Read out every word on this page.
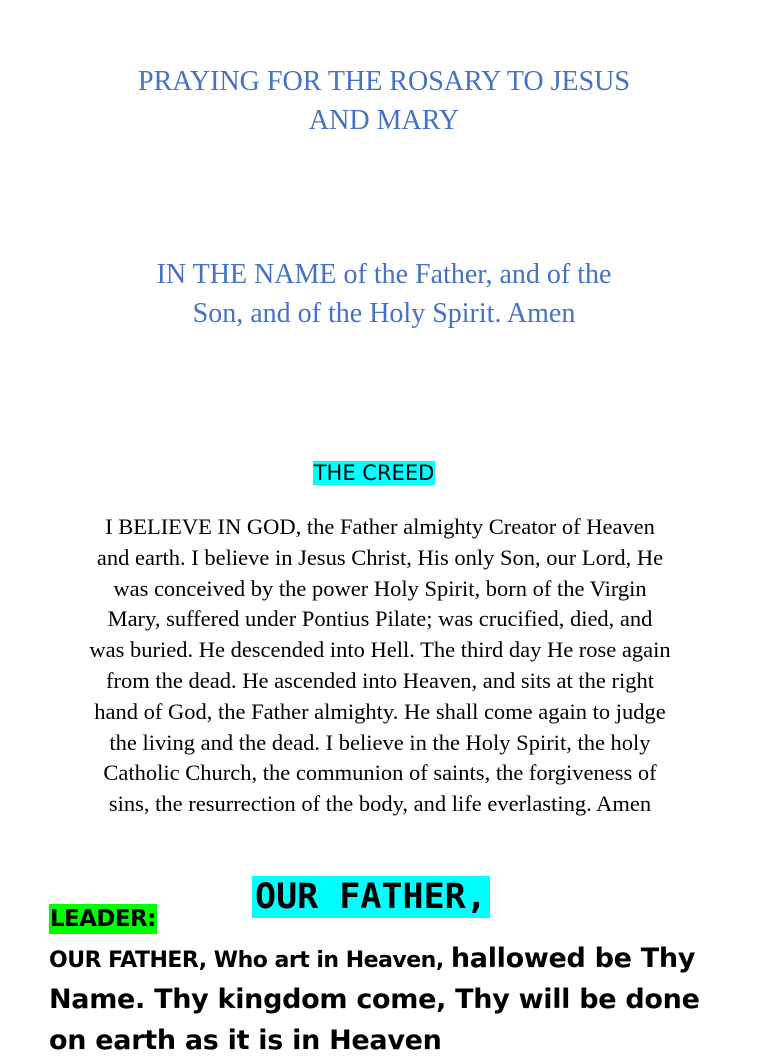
PRAYING FOR THE ROSARY TO JESUS
AND MARY
IN THE NAME of the Father, and of the
Son, and of the Holy Spirit. Amen
THE CREED
I BELIEVE IN GOD, the Father almighty Creator of Heaven
and earth. I believe in Jesus Christ, His only Son, our Lord, He
was conceived by the power Holy Spirit, born of the Virgin
Mary, suffered under Pontius Pilate; was crucified, died, and
was buried. He descended into Hell. The third day He rose again
from the dead. He ascended into Heaven, and sits at the right
hand of God, the Father almighty. He shall come again to judge
the living and the dead. I believe in the Holy Spirit, the holy
Catholic Church, the communion of saints, the forgiveness of
sins, the resurrection of the body, and life everlasting. Amen
OUR FATHER,
LEADER:
OUR FATHER, Who art in Heaven, hallowed be Thy Name. Thy kingdom come, Thy will be done on earth as it is in Heaven
